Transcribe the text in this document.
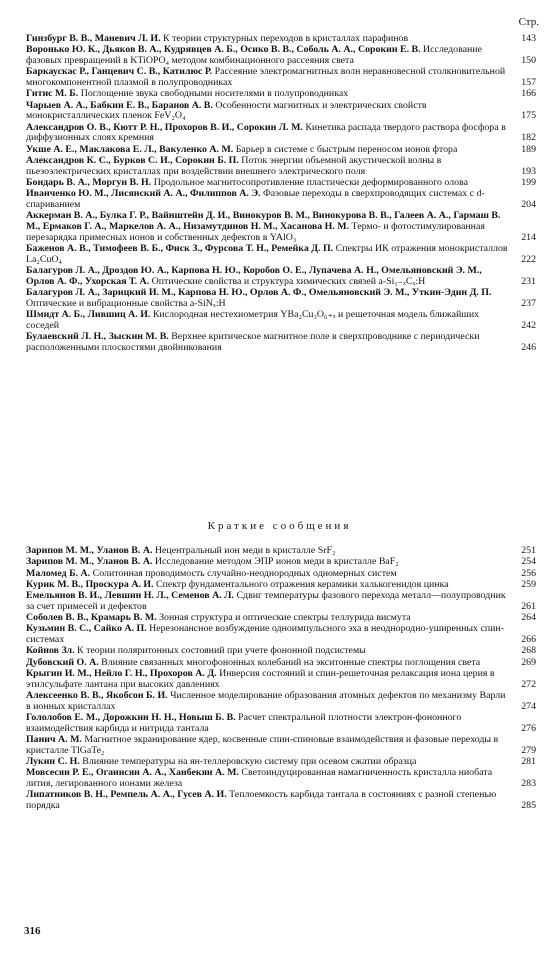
Стр.
Гинзбург В. В., Маневич Л. И. К теории структурных переходов в кристаллах парафинов	143
Воронько Ю. К., Дьяков В. А., Кудрявцев А. Б., Осико В. В., Соболь А. А., Сорокин Е. В. Исследование фазовых превращений в KTiOPO₄ методом комбинационного рассеяния света	150
Баркаускас Р., Ганцевич С. В., Катилюс Р. Рассеяние электромагнитных волн неравновесной столкновительной многокомпонентной плазмой в полупроводниках	157
Гитис М. Б. Поглощение звука свободными носителями в полупроводниках	166
Чарыев А. А., Бабкин Е. В., Баранов А. В. Особенности магнитных и электрических свойств монокристаллических пленок FeV₂O₄	175
Александров О. В., Кютт Р. Н., Прохоров В. И., Сорокин Л. М. Кинетика распада твердого раствора фосфора в диффузионных слоях кремния	182
Укше А. Е., Маклакова Е. Л., Вакуленко А. М. Барьер в системе с быстрым переносом ионов фтора	189
Александров К. С., Бурков С. И., Сорокин Б. П. Поток энергии объемной акустической волны в пьезоэлектрических кристаллах при воздействии внешнего электрического поля	193
Бондарь В. А., Моргун В. Н. Продольное магнитосопротивление пластически деформированного олова	199
Иванченко Ю. М., Лисянский А. А., Филиппов А. Э. Фазовые переходы в сверхпроводящих системах с d-спариванием	204
Аккерман В. А., Булка Г. Р., Вайнштейн Д. И., Винокуров В. М., Винокурова В. В., Галеев А. А., Гармаш В. М., Ермаков Г. А., Маркелов А. А., Низамутдинов Н. М., Хасанова Н. М. Термо- и фотостимулированная перезарядка примесных ионов и собственных дефектов в YAlO₃	214
Баженов А. В., Тимофеев В. Б., Фиск З., Фурсова Т. Н., Ремейка Д. П. Спектры ИК отражения монокристаллов La₂CuO₄	222
Балагуров Л. А., Дроздов Ю. А., Карпова Н. Ю., Коробов О. Е., Лупачева А. Н., Омельяновский Э. М., Орлов А. Ф., Ухорская Т. А. Оптические свойства и структура химических связей a-Si₁₋ₓCₓ:H	231
Балагуров Л. А., Зарицкий И. М., Карпова Н. Ю., Орлов А. Ф., Омельяновский Э. М., Уткин-Эдин Д. П. Оптические и вибрационные свойства a-SiNₓ:H	237
Шмидт А. Б., Лившиц А. И. Кислородная нестехиометрия YBa₂Cu₃O₆₊ₓ и решеточная модель ближайших соседей	242
Булаевский Л. Н., Зыскин М. В. Верхнее критическое магнитное поле в сверхпроводнике с периодически расположенными плоскостями двойникования	246
Краткие сообщения
Зарипов М. М., Уланов В. А. Нецентральный ион меди в кристалле SrF₂	251
Зарипов М. М., Уланов В. А. Исследование методом ЭПР ионов меди в кристалле BaF₂	254
Маломед Б. А. Солитонная проводимость случайно-неоднородных одномерных систем	256
Курик М. В., Проскура А. И. Спектр фундаментального отражения керамики халькогенидов цинка	259
Емельянов В. И., Левшин Н. Л., Семенов А. Л. Сдвиг температуры фазового перехода металл—полупроводник за счет примесей и дефектов	261
Соболев В. В., Крамарь В. М. Зонная структура и оптические спектры теллурида висмута	264
Кузьмин В. С., Сайко А. П. Нерезонансное возбуждение одноимпульсного эха в неоднородно-уширенных спин-системах	266
Койнов Зл. К теории поляритонных состояний при учете фононной подсистемы	268
Дубовский О. А. Влияние связанных многофононных колебаний на экситонные спектры поглощения света	269
Крыгин И. М., Нейло Г. Н., Прохоров А. Д. Инверсия состояний и спин-решеточная релаксация иона церия в этилсульфате лантана при высоких давлениях	272
Алексеенко В. В., Якобсон Б. И. Численное моделирование образования атомных дефектов по механизму Варли в ионных кристаллах	274
Гололобов Е. М., Дорожкин Н. Н., Новыш Б. В. Расчет спектральной плотности электрон-фононного взаимодействия карбида и нитрида тантала	276
Панич А. М. Магнитное экранирование ядер, косвенные спин-спиновые взаимодействия и фазовые переходы в кристалле TlGaTe₂	279
Лукин С. Н. Влияние температуры на ян-теллеровскую систему при осевом сжатии образца	281
Мовсесян Р. Е., Оганисян А. А., Ханбекян А. М. Светоиндуцированная намагниченность кристалла ниобата лития, легированного ионами железа	283
Липатников В. Н., Ремпель А. А., Гусев А. И. Теплоемкость карбида тантала в состояниях с разной степенью порядка	285
316
